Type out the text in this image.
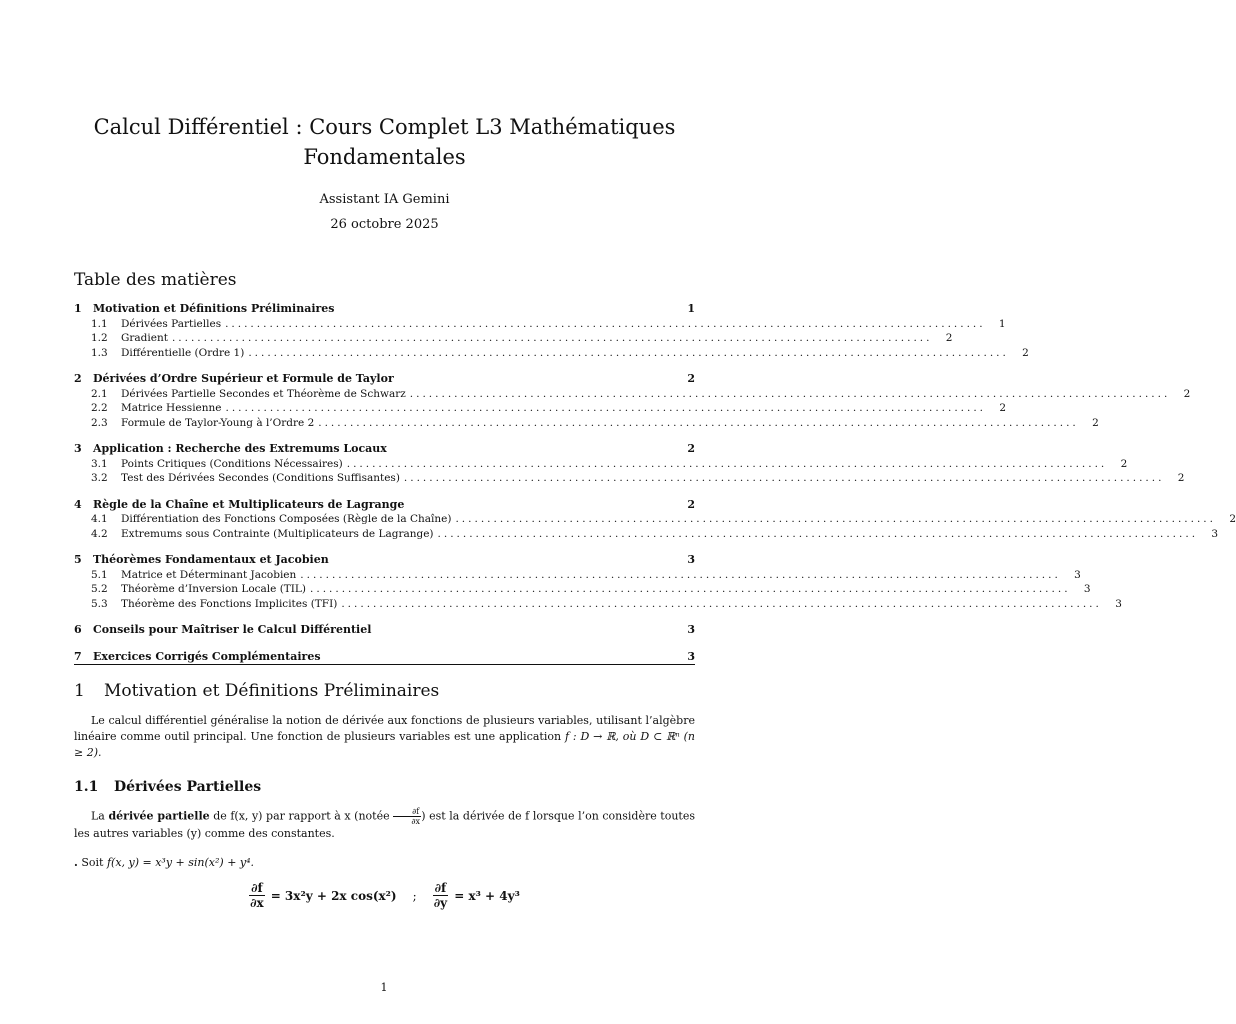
Calcul Différentiel : Cours Complet L3 Mathématiques Fondamentales
Assistant IA Gemini
26 octobre 2025
Table des matières
1	Motivation et Définitions Préliminaires	1
1.1	Dérivées Partielles ........................................................................................................................	1
1.2	Gradient ........................................................................................................................	2
1.3	Différentielle (Ordre 1) ........................................................................................................................	2
2	Dérivées d’Ordre Supérieur et Formule de Taylor	2
2.1	Dérivées Partielle Secondes et Théorème de Schwarz ........................................................................................................................	2
2.2	Matrice Hessienne ........................................................................................................................	2
2.3	Formule de Taylor-Young à l’Ordre 2 ........................................................................................................................	2
3	Application : Recherche des Extremums Locaux	2
3.1	Points Critiques (Conditions Nécessaires) ........................................................................................................................	2
3.2	Test des Dérivées Secondes (Conditions Suffisantes) ........................................................................................................................	2
4	Règle de la Chaîne et Multiplicateurs de Lagrange	2
4.1	Différentiation des Fonctions Composées (Règle de la Chaîne) ........................................................................................................................	2
4.2	Extremums sous Contrainte (Multiplicateurs de Lagrange) ........................................................................................................................	3
5	Théorèmes Fondamentaux et Jacobien	3
5.1	Matrice et Déterminant Jacobien ........................................................................................................................	3
5.2	Théorème d’Inversion Locale (TIL) ........................................................................................................................	3
5.3	Théorème des Fonctions Implicites (TFI) ........................................................................................................................	3
6	Conseils pour Maîtriser le Calcul Différentiel	3
7	Exercices Corrigés Complémentaires	3
1	Motivation et Définitions Préliminaires
Le calcul différentiel généralise la notion de dérivée aux fonctions de plusieurs variables, utilisant l’algèbre linéaire comme outil principal. Une fonction de plusieurs variables est une application f : D → ℝ, où D ⊂ ℝⁿ (n ≥ 2).
1.1	Dérivées Partielles
La dérivée partielle de f(x, y) par rapport à x (notée $\frac{\partial f}{\partial x}$ ) est la dérivée de f lorsque l’on considère toutes les autres variables (y) comme des constantes.
. Soit f(x, y) = x³y + sin(x²) + y⁴.
$\frac{\partial f}{\partial x} = 3x^2y + 2x$ cos(x²)	;	$\frac{\partial f}{\partial y} = x^3 + 4y^3$
1
